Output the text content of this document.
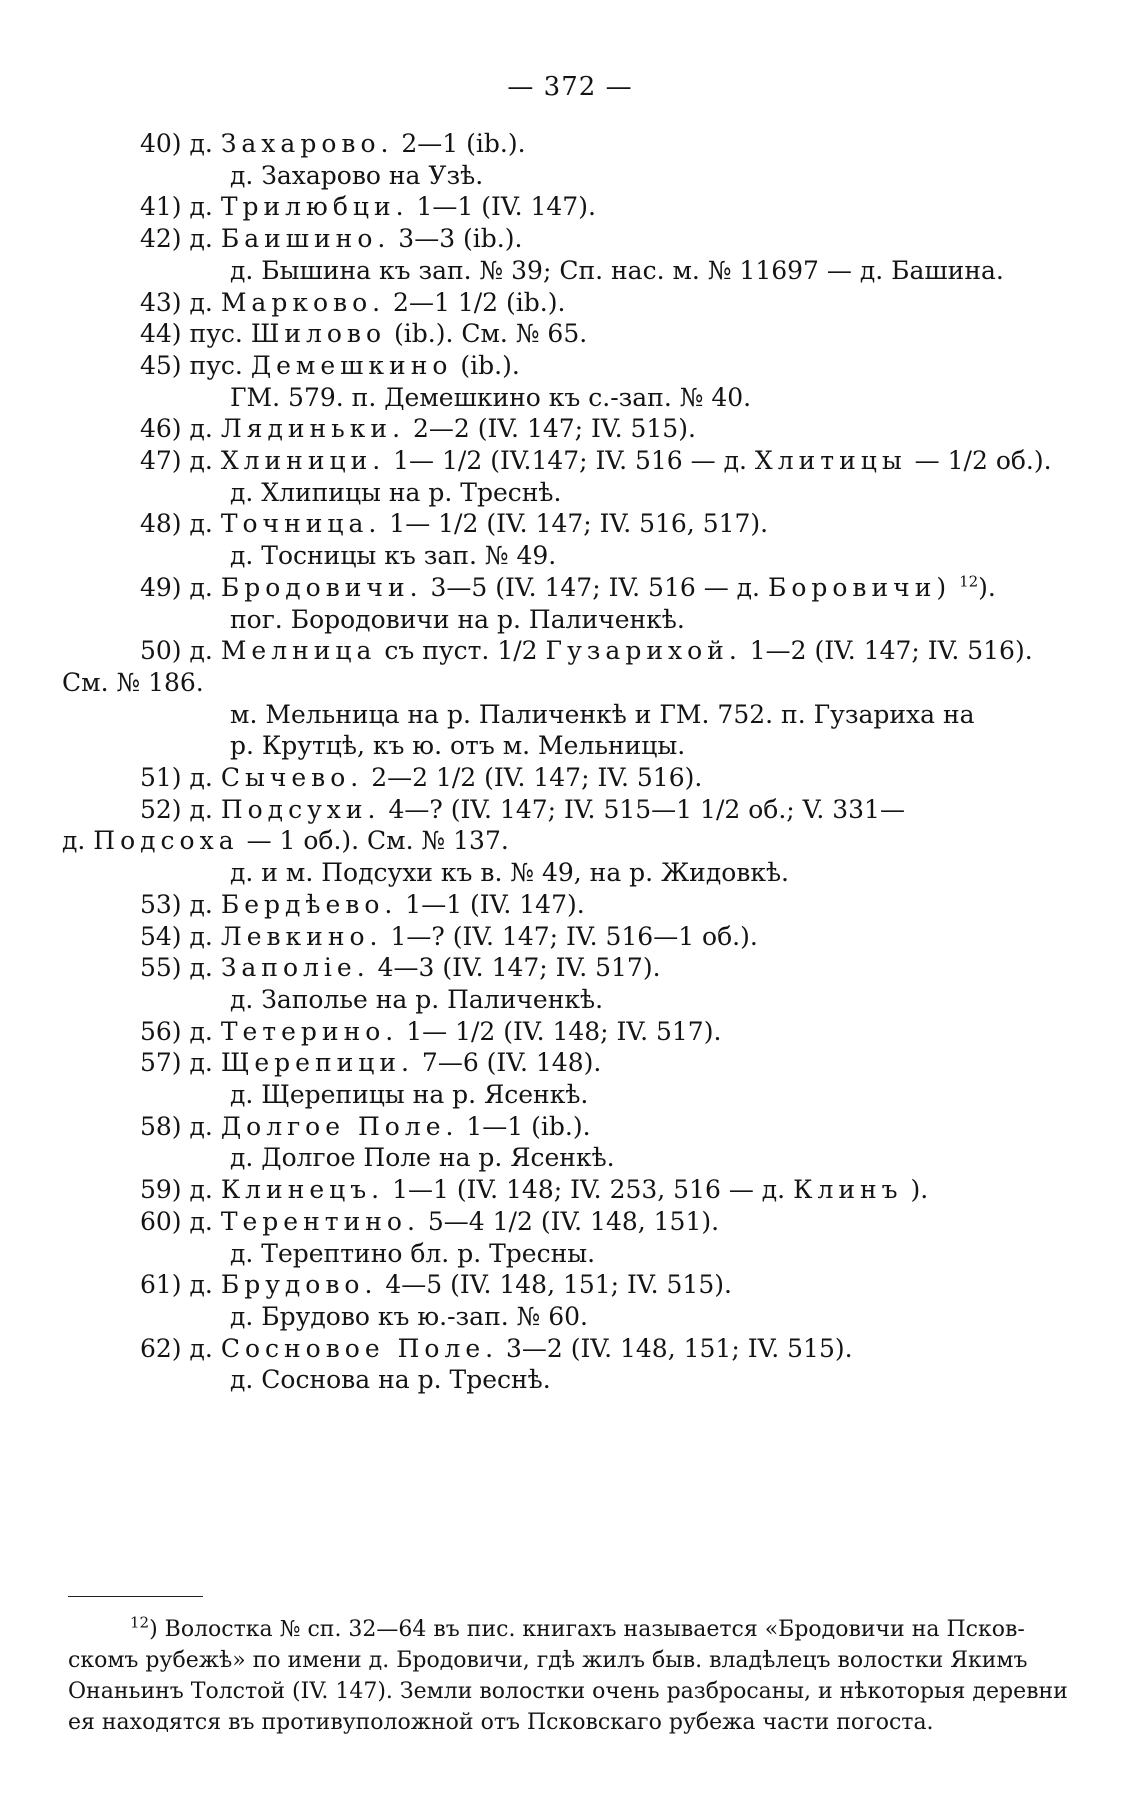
— 372 —
40) д. Захарово. 2—1 (ib.).
д. Захарово на Узѣ.
41) д. Трилюбци. 1—1 (IV. 147).
42) д. Баишино. 3—3 (ib.).
д. Бышина къ зап. № 39; Сп. нас. м. № 11697 — д. Башина.
43) д. Марково. 2—1 1/2 (ib.).
44) пус. Шилово (ib.). См. № 65.
45) пус. Демешкино (ib.).
ГМ. 579. п. Демешкино къ с.-зап. № 40.
46) д. Лядиньки. 2—2 (IV. 147; IV. 515).
47) д. Хлиници. 1— 1/2 (IV.147; IV. 516 — д. Хлитицы — 1/2 об.).
д. Хлипицы на р. Треснѣ.
48) д. Точница. 1— 1/2 (IV. 147; IV. 516, 517).
д. Тосницы къ зап. № 49.
49) д. Бродовичи. 3—5 (IV. 147; IV. 516 — д. Боровичи) $^{12}$).
пог. Бородовичи на р. Паличенкѣ.
50) д. Мелница съ пуст. 1/2 Гузарихой. 1—2 (IV. 147; IV. 516).
См. № 186.
м. Мельница на р. Паличенкѣ и ГМ. 752. п. Гузариха на
р. Крутцѣ, къ ю. отъ м. Мельницы.
51) д. Сычево. 2—2 1/2 (IV. 147; IV. 516).
52) д. Подсухи. 4—? (IV. 147; IV. 515—1 1/2 об.; V. 331—
д. Подсоха — 1 об.). См. № 137.
д. и м. Подсухи къ в. № 49, на р. Жидовкѣ.
53) д. Бердѣево. 1—1 (IV. 147).
54) д. Левкино. 1—? (IV. 147; IV. 516—1 об.).
55) д. Заполіе. 4—3 (IV. 147; IV. 517).
д. Заполье на р. Паличенкѣ.
56) д. Тетерино. 1— 1/2 (IV. 148; IV. 517).
57) д. Щерепици. 7—6 (IV. 148).
д. Щерепицы на р. Ясенкѣ.
58) д. Долгое Поле. 1—1 (ib.).
д. Долгое Поле на р. Ясенкѣ.
59) д. Клинецъ. 1—1 (IV. 148; IV. 253, 516 — д. Клинъ ).
60) д. Терентино. 5—4 1/2 (IV. 148, 151).
д. Терептино бл. р. Тресны.
61) д. Брудово. 4—5 (IV. 148, 151; IV. 515).
д. Брудово къ ю.-зап. № 60.
62) д. Сосновое Поле. 3—2 (IV. 148, 151; IV. 515).
д. Соснова на р. Треснѣ.
$^{12}$) Волостка № сп. 32—64 въ пис. книгахъ называется «Бродовичи на Псков-
скомъ рубежѣ» по имени д. Бродовичи, гдѣ жилъ быв. владѣлецъ волостки Якимъ
Онаньинъ Толстой (IV. 147). Земли волостки очень разбросаны, и нѣкоторыя деревни
ея находятся въ противуположной отъ Псковскаго рубежа части погоста.
